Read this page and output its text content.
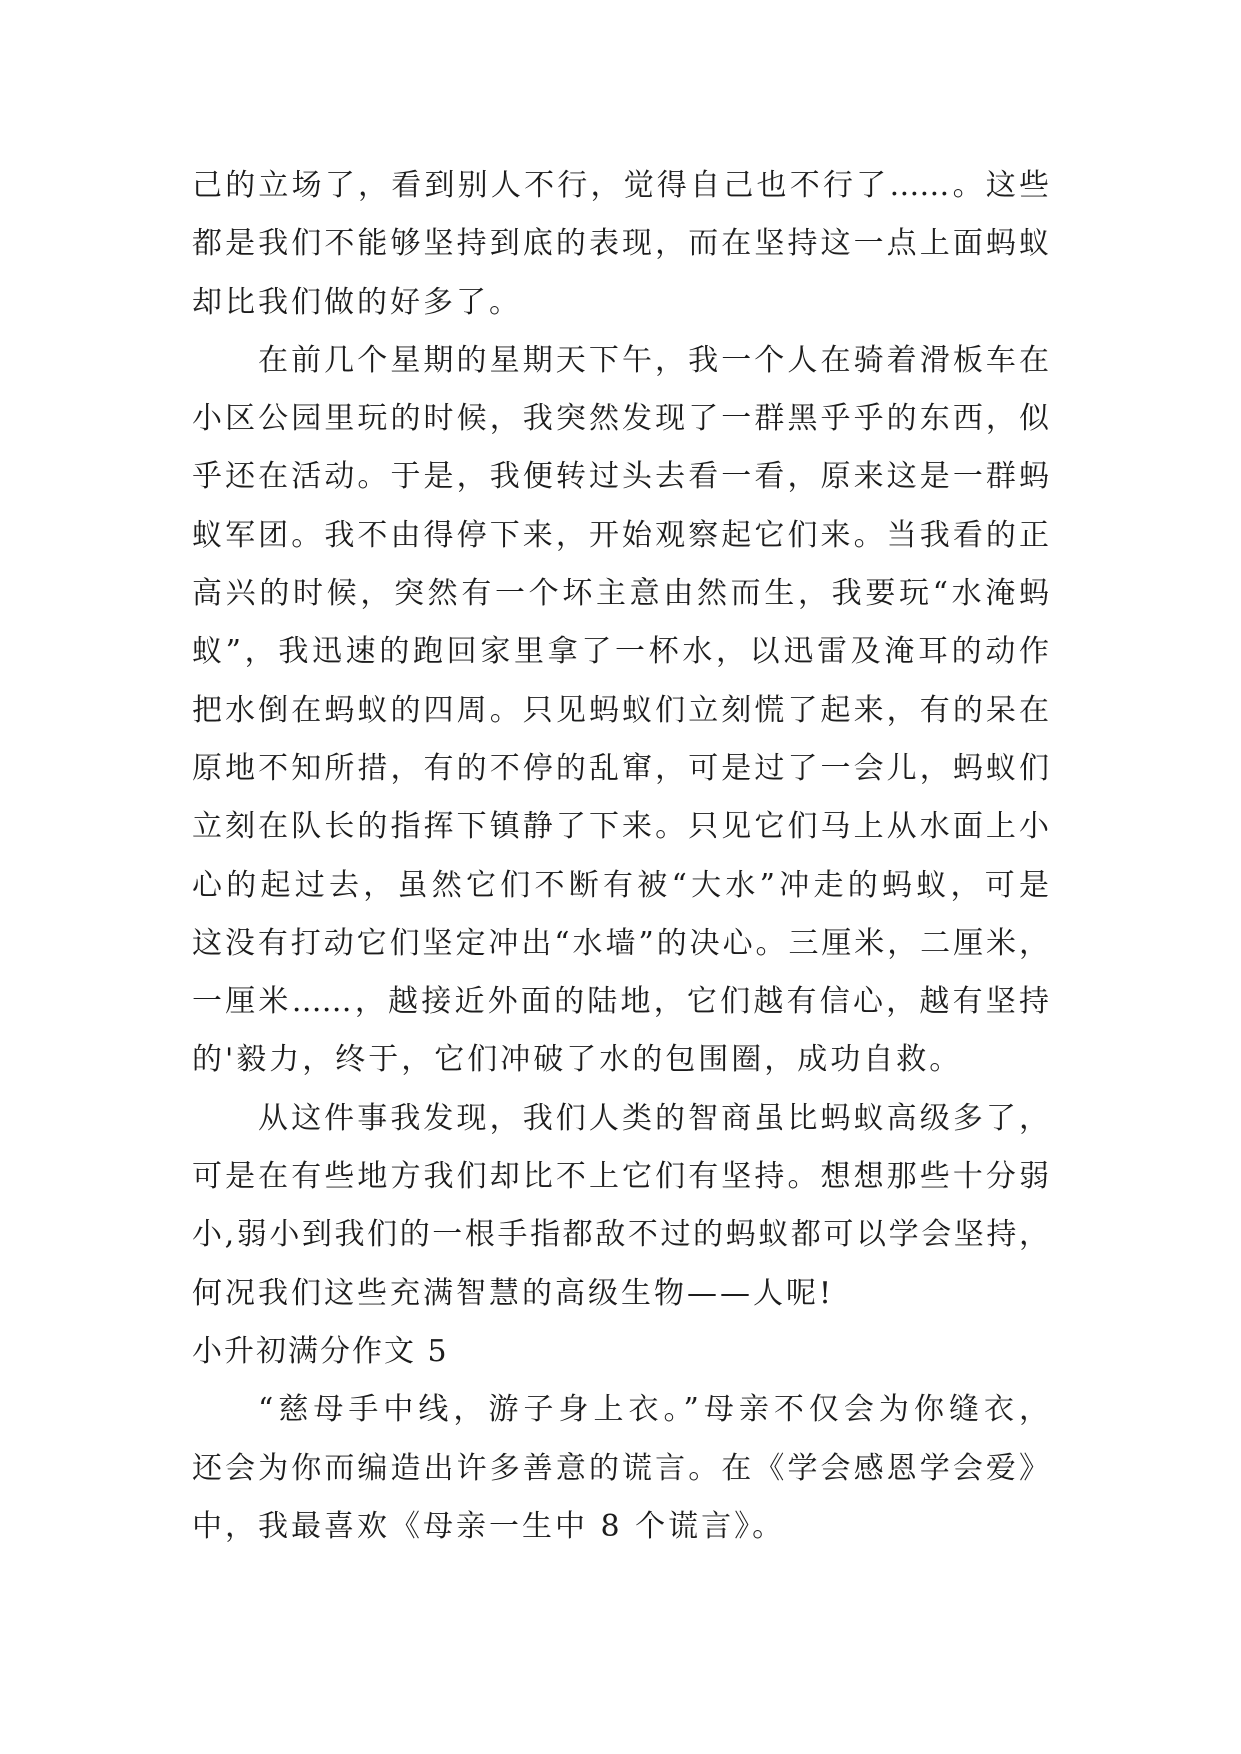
己的立场了，看到别人不行，觉得自己也不行了……。这些
都是我们不能够坚持到底的表现，而在坚持这一点上面蚂蚁
却比我们做的好多了。
在前几个星期的星期天下午，我一个人在骑着滑板车在
小区公园里玩的时候，我突然发现了一群黑乎乎的东西，似
乎还在活动。于是，我便转过头去看一看，原来这是一群蚂
蚁军团。我不由得停下来，开始观察起它们来。当我看的正
高兴的时候，突然有一个坏主意由然而生，我要玩“水淹蚂
蚁”，我迅速的跑回家里拿了一杯水，以迅雷及淹耳的动作
把水倒在蚂蚁的四周。只见蚂蚁们立刻慌了起来，有的呆在
原地不知所措，有的不停的乱窜，可是过了一会儿，蚂蚁们
立刻在队长的指挥下镇静了下来。只见它们马上从水面上小
心的起过去，虽然它们不断有被“大水”冲走的蚂蚁，可是
这没有打动它们坚定冲出“水墙”的决心。三厘米，二厘米，
一厘米……，越接近外面的陆地，它们越有信心，越有坚持
的'毅力，终于，它们冲破了水的包围圈，成功自救。
从这件事我发现，我们人类的智商虽比蚂蚁高级多了，
可是在有些地方我们却比不上它们有坚持。想想那些十分弱
小,弱小到我们的一根手指都敌不过的蚂蚁都可以学会坚持，
何况我们这些充满智慧的高级生物——人呢!
小升初满分作文 5
“慈母手中线，游子身上衣。”母亲不仅会为你缝衣，
还会为你而编造出许多善意的谎言。在《学会感恩学会爱》
中，我最喜欢《母亲一生中 8 个谎言》。
